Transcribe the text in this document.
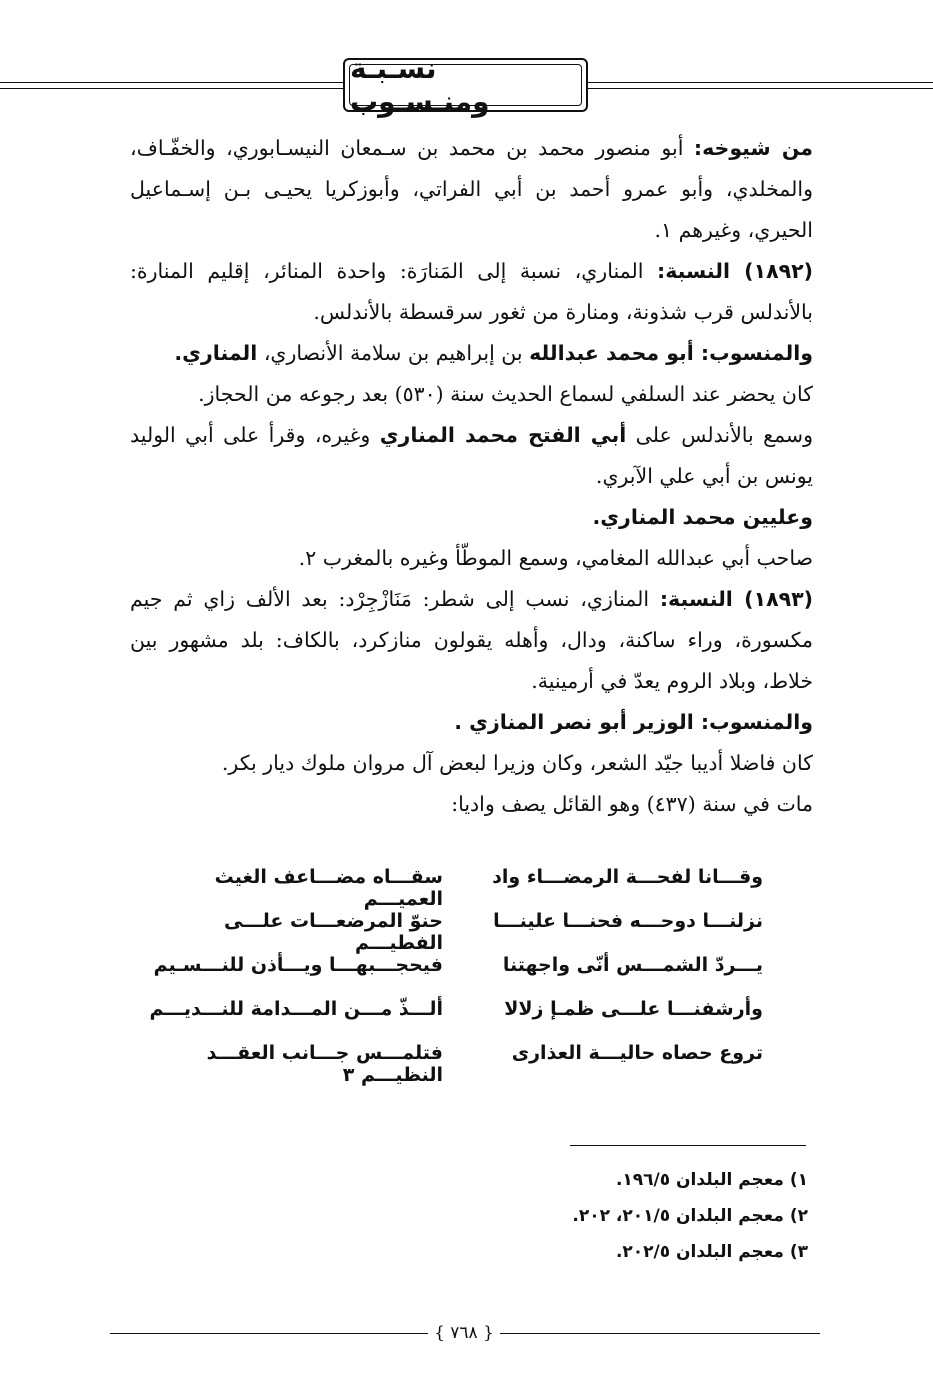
نسـبـة ومنـسـوب

من شيوخه: أبو منصور محمد بن محمد بن سـمعان النيسـابوري، والخفّـاف، والمخلدي، وأبو عمرو أحمد بن أبي الفراتي، وأبوزكريا يحيـى بـن إسـماعيل الحيري، وغيرهم ١.

(١٨٩٢) النسبة: المناري، نسبة إلى المَنارَة: واحدة المنائر، إقليم المنارة: بالأندلس قرب شذونة، ومنارة من ثغور سرقسطة بالأندلس.

والمنسوب: أبو محمد عبدالله بن إبراهيم بن سلامة الأنصاري، المناري.

كان يحضر عند السلفي لسماع الحديث سنة (٥٣٠) بعد رجوعه من الحجاز.

وسمع بالأندلس على أبي الفتح محمد المناري وغيره، وقرأ على أبي الوليد يونس بن أبي علي الآبري.

وعليين محمد المناري.

صاحب أبي عبدالله المغامي، وسمع الموطّأ وغيره بالمغرب ٢.

(١٨٩٣) النسبة: المنازي، نسب إلى شطر: مَنَازْجِرْد: بعد الألف زاي ثم جيم مكسورة، وراء ساكنة، ودال، وأهله يقولون منازكرد، بالكاف: بلد مشهور بين خلاط، وبلاد الروم يعدّ في أرمينية.

والمنسوب: الوزير أبو نصر المنازي .

كان فاضلا أديبا جيّد الشعر، وكان وزيرا لبعض آل مروان ملوك ديار بكر.

مات في سنة (٤٣٧) وهو القائل يصف واديا:

وقـــانا لفحـــة الرمضـــاء واد
سقـــاه مضـــاعف الغيث العميـــم
نزلنـــا دوحـــه فحنـــا علينـــا
حنوّ المرضعـــات علـــى الفطيـــم
يـــردّ الشمـــس أنّى واجهتنا
فيحجـــبهـــا ويـــأذن للنـــسـيم
وأرشفنـــا علـــى ظمـإ زلالا
ألـــذّ مـــن المـــدامة للنـــديـــم
تروع حصاه حاليـــة العذارى
فتلمـــس جـــانب العقـــد النظيـــم ٣
١) معجم البلدان ١٩٦/٥.
٢) معجم البلدان ٢٠١/٥، ٢٠٢.
٣) معجم البلدان ٢٠٢/٥.
{ ٧٦٨ }
